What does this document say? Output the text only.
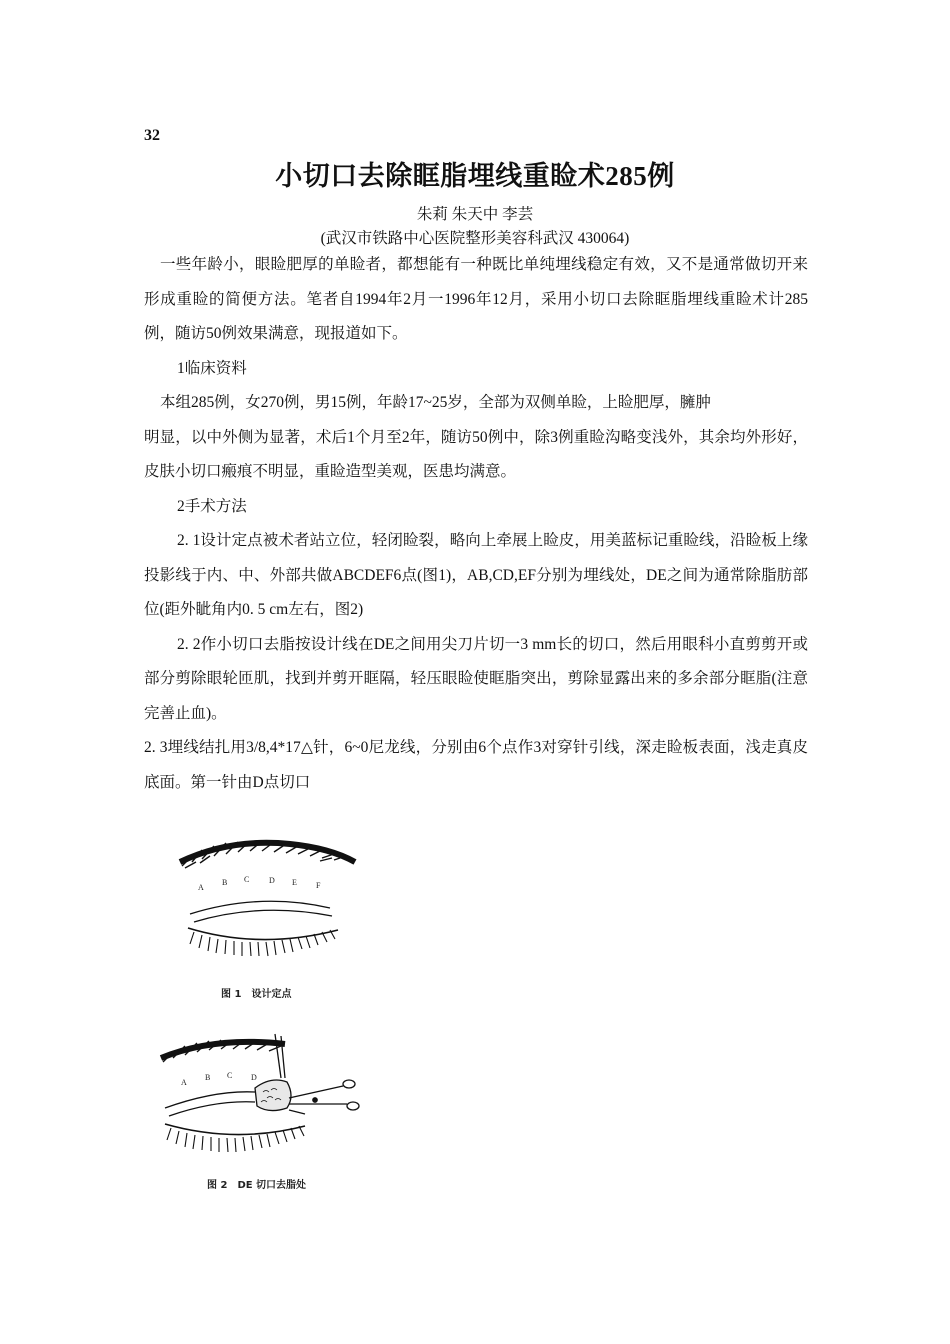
32
小切口去除眶脂埋线重睑术285例
朱莉 朱天中 李芸
(武汉市铁路中心医院整形美容科武汉 430064)

一些年龄小，眼睑肥厚的单睑者，都想能有一种既比单纯埋线稳定有效，又不是通常做切开来形成重睑的简便方法。笔者自1994年2月一1996年12月，采用小切口去除眶脂埋线重睑术计285例，随访50例效果满意，现报道如下。

1临床资料

本组285例，女270例，男15例，年龄17~25岁，全部为双侧单睑，上睑肥厚，臃肿
明显，以中外侧为显著，术后1个月至2年，随访50例中，除3例重睑沟略变浅外，其余均外形好，皮肤小切口瘢痕不明显，重睑造型美观，医患均满意。

2手术方法

2. 1设计定点被术者站立位，轻闭睑裂，略向上牵展上睑皮，用美蓝标记重睑线，沿睑板上缘投影线于内、中、外部共做ABCDEF6点(图1)，AB,CD,EF分别为埋线处，DE之间为通常除脂肪部位(距外眦角内0. 5 cm左右，图2)

2. 2作小切口去脂按设计线在DE之间用尖刀片切一3 mm长的切口，然后用眼科小直剪剪开或部分剪除眼轮匝肌，找到并剪开眶隔，轻压眼睑使眶脂突出，剪除显露出来的多余部分眶脂(注意完善止血)。

2. 3埋线结扎用3/8,4*17△针，6~0尼龙线，分别由6个点作3对穿针引线，深走睑板表面，浅走真皮底面。第一针由D点切口

A
B C D E F
图 1　设计定点
A
B C D
图 2　DE 切口去脂处
